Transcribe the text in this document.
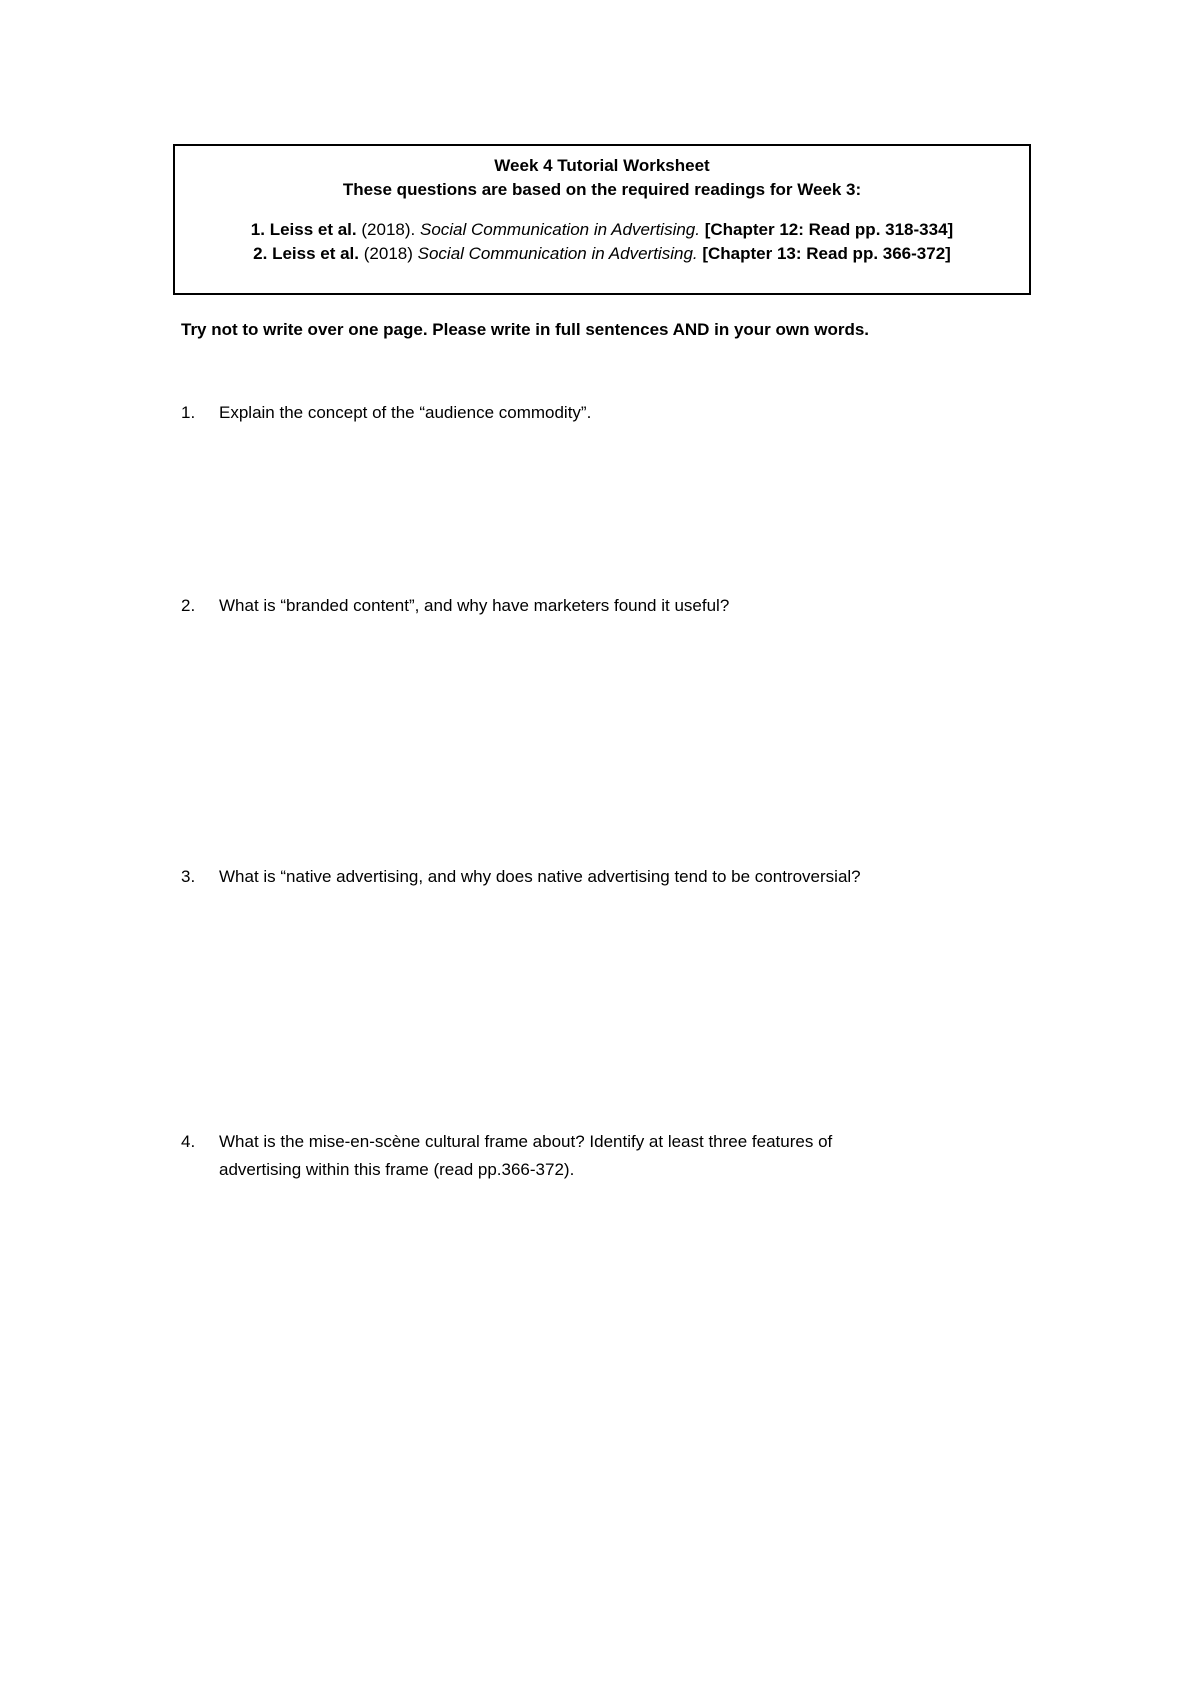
Week 4 Tutorial Worksheet
These questions are based on the required readings for Week 3:
1. Leiss et al. (2018). Social Communication in Advertising. [Chapter 12: Read pp. 318-334]
2. Leiss et al. (2018) Social Communication in Advertising. [Chapter 13: Read pp. 366-372]
Try not to write over one page. Please write in full sentences AND in your own words.
1. Explain the concept of the “audience commodity”.
2. What is “branded content”, and why have marketers found it useful?
3. What is “native advertising, and why does native advertising tend to be controversial?
4. What is the mise-en-scène cultural frame about? Identify at least three features of
advertising within this frame (read pp.366-372).
